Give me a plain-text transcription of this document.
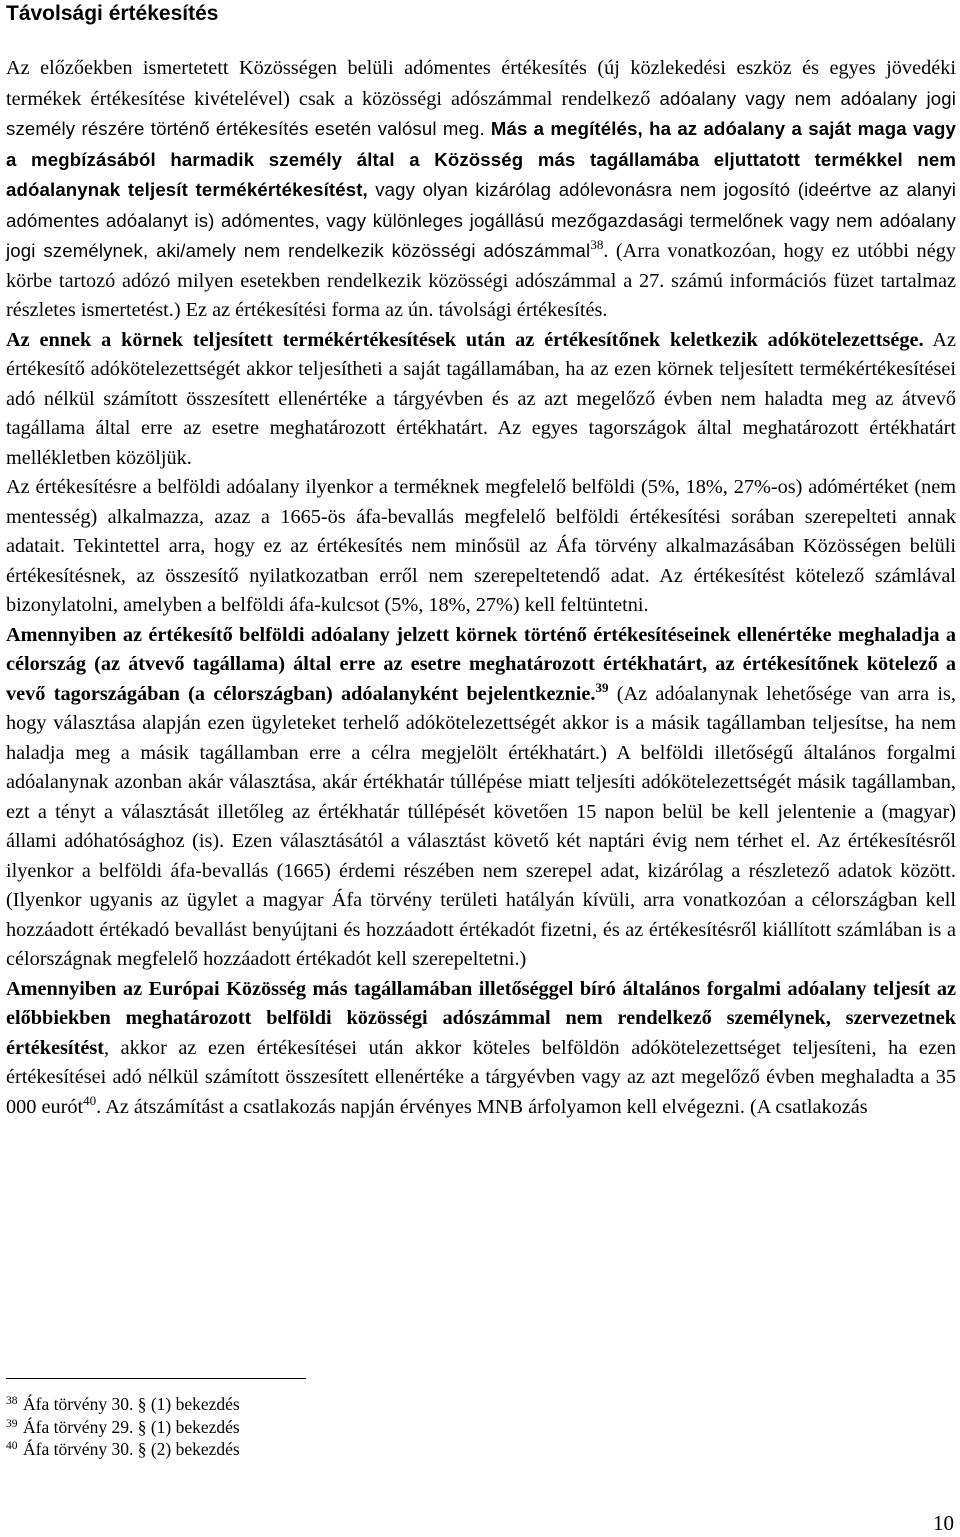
Távolsági értékesítés

Az előzőekben ismertetett Közösségen belüli adómentes értékesítés (új közlekedési eszköz és egyes jövedéki termékek értékesítése kivételével) csak a közösségi adószámmal rendelkező adóalany vagy nem adóalany jogi személy részére történő értékesítés esetén valósul meg. Más a megítélés, ha az adóalany a saját maga vagy a megbízásából harmadik személy által a Közösség más tagállamába eljuttatott termékkel nem adóalanynak teljesít termékértékesítést, vagy olyan kizárólag adólevonásra nem jogosító (ideértve az alanyi adómentes adóalanyt is) adómentes, vagy különleges jogállású mezőgazdasági termelőnek vagy nem adóalany jogi személynek, aki/amely nem rendelkezik közösségi adószámmal$^{38}$. (Arra vonatkozóan, hogy ez utóbbi négy körbe tartozó adózó milyen esetekben rendelkezik közösségi adószámmal a 27. számú információs füzet tartalmaz részletes ismertetést.) Ez az értékesítési forma az ún. távolsági értékesítés.

Az ennek a körnek teljesített termékértékesítések után az értékesítőnek keletkezik adókötelezettsége. Az értékesítő adókötelezettségét akkor teljesítheti a saját tagállamában, ha az ezen körnek teljesített termékértékesítései adó nélkül számított összesített ellenértéke a tárgyévben és az azt megelőző évben nem haladta meg az átvevő tagállama által erre az esetre meghatározott értékhatárt. Az egyes tagországok által meghatározott értékhatárt mellékletben közöljük.

Az értékesítésre a belföldi adóalany ilyenkor a terméknek megfelelő belföldi (5%, 18%, 27%-os) adómértéket (nem mentesség) alkalmazza, azaz a 1665-ös áfa-bevallás megfelelő belföldi értékesítési sorában szerepelteti annak adatait. Tekintettel arra, hogy ez az értékesítés nem minősül az Áfa törvény alkalmazásában Közösségen belüli értékesítésnek, az összesítő nyilatkozatban erről nem szerepeltetendő adat. Az értékesítést kötelező számlával bizonylatolni, amelyben a belföldi áfa-kulcsot (5%, 18%, 27%) kell feltüntetni.

Amennyiben az értékesítő belföldi adóalany jelzett körnek történő értékesítéseinek ellenértéke meghaladja a célország (az átvevő tagállama) által erre az esetre meghatározott értékhatárt, az értékesítőnek kötelező a vevő tagországában (a célországban) adóalanyként bejelentkeznie.$^{39}$ (Az adóalanynak lehetősége van arra is, hogy választása alapján ezen ügyleteket terhelő adókötelezettségét akkor is a másik tagállamban teljesítse, ha nem haladja meg a másik tagállamban erre a célra megjelölt értékhatárt.) A belföldi illetőségű általános forgalmi adóalanynak azonban akár választása, akár értékhatár túllépése miatt teljesíti adókötelezettségét másik tagállamban, ezt a tényt a választását illetőleg az értékhatár túllépését követően 15 napon belül be kell jelentenie a (magyar) állami adóhatósághoz (is). Ezen választásától a választást követő két naptári évig nem térhet el. Az értékesítésről ilyenkor a belföldi áfa-bevallás (1665) érdemi részében nem szerepel adat, kizárólag a részletező adatok között. (Ilyenkor ugyanis az ügylet a magyar Áfa törvény területi hatályán kívüli, arra vonatkozóan a célországban kell hozzáadott értékadó bevallást benyújtani és hozzáadott értékadót fizetni, és az értékesítésről kiállított számlában is a célországnak megfelelő hozzáadott értékadót kell szerepeltetni.)

Amennyiben az Európai Közösség más tagállamában illetőséggel bíró általános forgalmi adóalany teljesít az előbbiekben meghatározott belföldi közösségi adószámmal nem rendelkező személynek, szervezetnek értékesítést, akkor az ezen értékesítései után akkor köteles belföldön adókötelezettséget teljesíteni, ha ezen értékesítései adó nélkül számított összesített ellenértéke a tárgyévben vagy az azt megelőző évben meghaladta a 35 000 eurót$^{40}$. Az átszámítást a csatlakozás napján érvényes MNB árfolyamon kell elvégezni. (A csatlakozás

$^{38}$ Áfa törvény 30. § (1) bekezdés

$^{39}$ Áfa törvény 29. § (1) bekezdés

$^{40}$ Áfa törvény 30. § (2) bekezdés

10
